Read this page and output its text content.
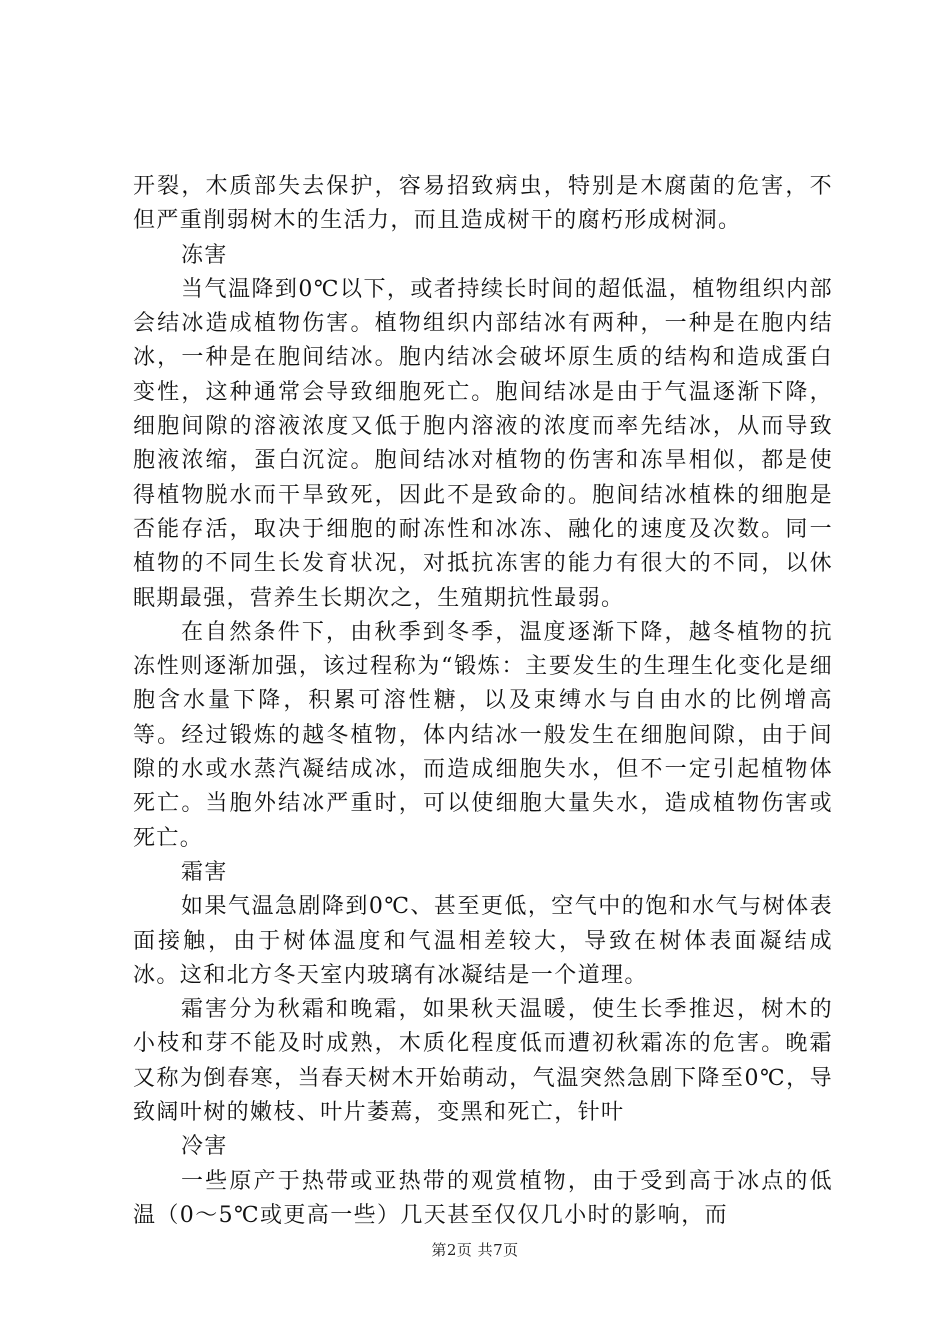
开裂，木质部失去保护，容易招致病虫，特别是木腐菌的危害，不但严重削弱树木的生活力，而且造成树干的腐朽形成树洞。

冻害

当气温降到0℃以下，或者持续长时间的超低温，植物组织内部会结冰造成植物伤害。植物组织内部结冰有两种，一种是在胞内结冰，一种是在胞间结冰。胞内结冰会破坏原生质的结构和造成蛋白变性，这种通常会导致细胞死亡。胞间结冰是由于气温逐渐下降，细胞间隙的溶液浓度又低于胞内溶液的浓度而率先结冰，从而导致胞液浓缩，蛋白沉淀。胞间结冰对植物的伤害和冻旱相似，都是使得植物脱水而干旱致死，因此不是致命的。胞间结冰植株的细胞是否能存活，取决于细胞的耐冻性和冰冻、融化的速度及次数。同一植物的不同生长发育状况，对抵抗冻害的能力有很大的不同，以休眠期最强，营养生长期次之，生殖期抗性最弱。

在自然条件下，由秋季到冬季，温度逐渐下降，越冬植物的抗冻性则逐渐加强，该过程称为“锻炼：主要发生的生理生化变化是细胞含水量下降，积累可溶性糖，以及束缚水与自由水的比例增高等。经过锻炼的越冬植物，体内结冰一般发生在细胞间隙，由于间隙的水或水蒸汽凝结成冰，而造成细胞失水，但不一定引起植物体死亡。当胞外结冰严重时，可以使细胞大量失水，造成植物伤害或死亡。

霜害

如果气温急剧降到0℃、甚至更低，空气中的饱和水气与树体表面接触，由于树体温度和气温相差较大，导致在树体表面凝结成冰。这和北方冬天室内玻璃有冰凝结是一个道理。

霜害分为秋霜和晚霜，如果秋天温暖，使生长季推迟，树木的小枝和芽不能及时成熟，木质化程度低而遭初秋霜冻的危害。晚霜又称为倒春寒，当春天树木开始萌动，气温突然急剧下降至0℃，导致阔叶树的嫩枝、叶片萎蔫，变黑和死亡，针叶

冷害

一些原产于热带或亚热带的观赏植物，由于受到高于冰点的低温（0～5℃或更高一些）几天甚至仅仅几小时的影响，而

第2页 共7页
